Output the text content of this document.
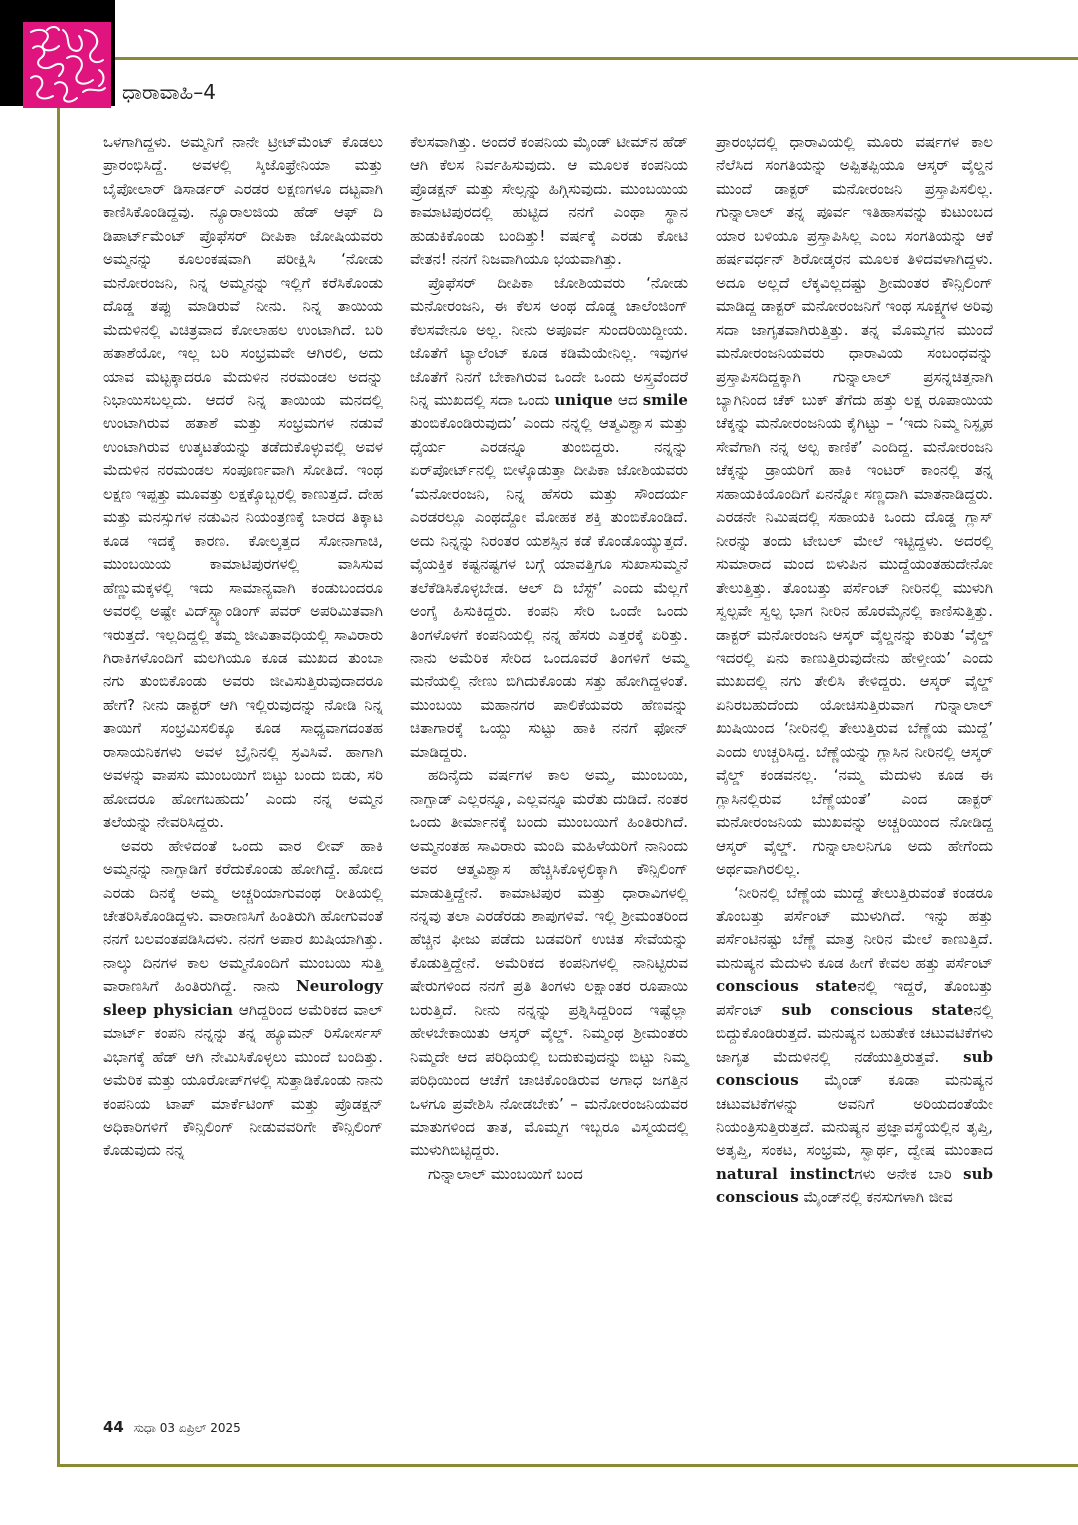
ಧಾರಾವಾಹಿ–4

ಒಳಗಾಗಿದ್ದಳು. ಅಮ್ಮನಿಗೆ ನಾನೇ ಟ್ರೀಟ್‌ಮೆಂಟ್ ಕೊಡಲು ಪ್ರಾರಂಭಿಸಿದ್ದೆ. ಅವಳಲ್ಲಿ ಸ್ಕಿಜೊಫ್ರೇನಿಯಾ ಮತ್ತು ಬೈಪೋಲಾರ್ ಡಿಸಾರ್ಡರ್ ಎರಡರ ಲಕ್ಷಣಗಳೂ ದಟ್ಟವಾಗಿ ಕಾಣಿಸಿಕೊಂಡಿದ್ದವು. ನ್ಯೂರಾಲಜಿಯ ಹೆಡ್ ಆಫ್ ದಿ ಡಿಪಾರ್ಟ್‌ಮೆಂಟ್ ಪ್ರೊಫೆಸರ್ ದೀಪಿಕಾ ಜೋಷಿಯವರು ಅಮ್ಮನನ್ನು ಕೂಲಂಕಷವಾಗಿ ಪರೀಕ್ಷಿಸಿ ‘ನೋಡು ಮನೋರಂಜನಿ, ನಿನ್ನ ಅಮ್ಮನನ್ನು ಇಲ್ಲಿಗೆ ಕರೆಸಿಕೊಂಡು ದೊಡ್ಡ ತಪ್ಪು ಮಾಡಿರುವೆ ನೀನು. ನಿನ್ನ ತಾಯಿಯ ಮೆದುಳಿನಲ್ಲಿ ವಿಚಿತ್ರವಾದ ಕೋಲಾಹಲ ಉಂಟಾಗಿದೆ. ಬರಿ ಹತಾಶೆಯೋ, ಇಲ್ಲ ಬರಿ ಸಂಭ್ರಮವೇ ಆಗಿರಲಿ, ಅದು ಯಾವ ಮಟ್ಟಕ್ಕಾದರೂ ಮೆದುಳಿನ ನರಮಂಡಲ ಅದನ್ನು ನಿಭಾಯಿಸಬಲ್ಲದು. ಆದರೆ ನಿನ್ನ ತಾಯಿಯ ಮನದಲ್ಲಿ ಉಂಟಾಗಿರುವ ಹತಾಶೆ ಮತ್ತು ಸಂಭ್ರಮಗಳ ನಡುವೆ ಉಂಟಾಗಿರುವ ಉತ್ಕಟತೆಯನ್ನು ತಡೆದುಕೊಳ್ಳುವಲ್ಲಿ ಅವಳ ಮೆದುಳಿನ ನರಮಂಡಲ ಸಂಪೂರ್ಣವಾಗಿ ಸೋತಿದೆ. ಇಂಥ ಲಕ್ಷಣ ಇಪ್ಪತ್ತು ಮೂವತ್ತು ಲಕ್ಷಕ್ಕೊಬ್ಬರಲ್ಲಿ ಕಾಣುತ್ತದೆ. ದೇಹ ಮತ್ತು ಮನಸ್ಸುಗಳ ನಡುವಿನ ನಿಯಂತ್ರಣಕ್ಕೆ ಬಾರದ ತಿಕ್ಕಾಟ ಕೂಡ ಇದಕ್ಕೆ ಕಾರಣ. ಕೋಲ್ಕತ್ತದ ಸೋನಾಗಾಚಿ, ಮುಂಬಯಿಯ ಕಾಮಾಟಿಪುರಗಳಲ್ಲಿ ವಾಸಿಸುವ ಹೆಣ್ಣುಮಕ್ಕಳಲ್ಲಿ ಇದು ಸಾಮಾನ್ಯವಾಗಿ ಕಂಡುಬಂದರೂ ಅವರಲ್ಲಿ ಅಷ್ಟೇ ವಿದ್‌ಸ್ಟ್ಯಾಂಡಿಂಗ್ ಪವರ್ ಅಪರಿಮಿತವಾಗಿ ಇರುತ್ತದೆ. ಇಲ್ಲದಿದ್ದಲ್ಲಿ ತಮ್ಮ ಜೀವಿತಾವಧಿಯಲ್ಲಿ ಸಾವಿರಾರು ಗಿರಾಕಿಗಳೊಂದಿಗೆ ಮಲಗಿಯೂ ಕೂಡ ಮುಖದ ತುಂಬಾ ನಗು ತುಂಬಿಕೊಂಡು ಅವರು ಜೀವಿಸುತ್ತಿರುವುದಾದರೂ ಹೇಗೆ? ನೀನು ಡಾಕ್ಟರ್ ಆಗಿ ಇಲ್ಲಿರುವುದನ್ನು ನೋಡಿ ನಿನ್ನ ತಾಯಿಗೆ ಸಂಭ್ರಮಿಸಲಿಕ್ಕೂ ಕೂಡ ಸಾಧ್ಯವಾಗದಂತಹ ರಾಸಾಯನಿಕಗಳು ಅವಳ ಬ್ರೈನಿನಲ್ಲಿ ಸ್ರವಿಸಿವೆ. ಹಾಗಾಗಿ ಅವಳನ್ನು ವಾಪಸು ಮುಂಬಯಿಗೆ ಬಿಟ್ಟು ಬಂದು ಬಿಡು, ಸರಿ ಹೋದರೂ ಹೋಗಬಹುದು’ ಎಂದು ನನ್ನ ಅಮ್ಮನ ತಲೆಯನ್ನು ನೇವರಿಸಿದ್ದರು.

ಅವರು ಹೇಳಿದಂತೆ ಒಂದು ವಾರ ಲೀವ್ ಹಾಕಿ ಅಮ್ಮನನ್ನು ನಾಗ್ಪಾಡಿಗೆ ಕರೆದುಕೊಂಡು ಹೋಗಿದ್ದೆ. ಹೋದ ಎರಡು ದಿನಕ್ಕೆ ಅಮ್ಮ ಅಚ್ಚರಿಯಾಗುವಂಥ ರೀತಿಯಲ್ಲಿ ಚೇತರಿಸಿಕೊಂಡಿದ್ದಳು. ವಾರಾಣಸಿಗೆ ಹಿಂತಿರುಗಿ ಹೋಗುವಂತೆ ನನಗೆ ಬಲವಂತಪಡಿಸಿದಳು. ನನಗೆ ಅಪಾರ ಖುಷಿಯಾಗಿತ್ತು. ನಾಲ್ಕು ದಿನಗಳ ಕಾಲ ಅಮ್ಮನೊಂದಿಗೆ ಮುಂಬಯಿ ಸುತ್ತಿ ವಾರಾಣಸಿಗೆ ಹಿಂತಿರುಗಿದ್ದೆ. ನಾನು Neurology sleep physician ಆಗಿದ್ದರಿಂದ ಅಮೆರಿಕದ ವಾಲ್ ಮಾರ್ಟ್ ಕಂಪನಿ ನನ್ನನ್ನು ತನ್ನ ಹ್ಯೂಮನ್ ರಿಸೋರ್ಸಸ್ ವಿಭಾಗಕ್ಕೆ ಹೆಡ್ ಆಗಿ ನೇಮಿಸಿಕೊಳ್ಳಲು ಮುಂದೆ ಬಂದಿತ್ತು. ಅಮೆರಿಕ ಮತ್ತು ಯೂರೋಪ್‌ಗಳಲ್ಲಿ ಸುತ್ತಾಡಿಕೊಂಡು ನಾನು ಕಂಪನಿಯ ಟಾಪ್ ಮಾರ್ಕೆಟಿಂಗ್ ಮತ್ತು ಪ್ರೊಡಕ್ಷನ್ ಅಧಿಕಾರಿಗಳಿಗೆ ಕೌನ್ಸಿಲಿಂಗ್ ನೀಡುವವರಿಗೇ ಕೌನ್ಸಿಲಿಂಗ್ ಕೊಡುವುದು ನನ್ನ

ಕೆಲಸವಾಗಿತ್ತು. ಅಂದರೆ ಕಂಪನಿಯ ಮೈಂಡ್ ಟೀಮ್‌ನ ಹೆಡ್ ಆಗಿ ಕೆಲಸ ನಿರ್ವಹಿಸುವುದು. ಆ ಮೂಲಕ ಕಂಪನಿಯ ಪ್ರೊಡಕ್ಷನ್ ಮತ್ತು ಸೇಲ್ಸನ್ನು ಹಿಗ್ಗಿಸುವುದು. ಮುಂಬಯಿಯ ಕಾಮಾಟಿಪುರದಲ್ಲಿ ಹುಟ್ಟಿದ ನನಗೆ ಎಂಥಾ ಸ್ಥಾನ ಹುಡುಕಿಕೊಂಡು ಬಂದಿತ್ತು! ವರ್ಷಕ್ಕೆ ಎರಡು ಕೋಟಿ ವೇತನ! ನನಗೆ ನಿಜವಾಗಿಯೂ ಭಯವಾಗಿತ್ತು.

ಪ್ರೊಫೆಸರ್ ದೀಪಿಕಾ ಜೋಶಿಯವರು ‘ನೋಡು ಮನೋರಂಜನಿ, ಈ ಕೆಲಸ ಅಂಥ ದೊಡ್ಡ ಚಾಲೆಂಜಿಂಗ್ ಕೆಲಸವೇನೂ ಅಲ್ಲ. ನೀನು ಅಪೂರ್ವ ಸುಂದರಿಯಿದ್ದೀಯ. ಜೊತೆಗೆ ಟ್ಯಾಲೆಂಟ್ ಕೂಡ ಕಡಿಮೆಯೇನಿಲ್ಲ. ಇವುಗಳ ಜೊತೆಗೆ ನಿನಗೆ ಬೇಕಾಗಿರುವ ಒಂದೇ ಒಂದು ಅಸ್ತ್ರವೆಂದರೆ ನಿನ್ನ ಮುಖದಲ್ಲಿ ಸದಾ ಒಂದು unique ಆದ smile ತುಂಬಿಕೊಂಡಿರುವುದು’ ಎಂದು ನನ್ನಲ್ಲಿ ಆತ್ಮವಿಶ್ವಾಸ ಮತ್ತು ಧೈರ್ಯ ಎರಡನ್ನೂ ತುಂಬಿದ್ದರು. ನನ್ನನ್ನು ಏರ್‌ಪೋರ್ಟ್‌ನಲ್ಲಿ ಬೀಳ್ಕೊಡುತ್ತಾ ದೀಪಿಕಾ ಜೋಶಿಯವರು ‘ಮನೋರಂಜನಿ, ನಿನ್ನ ಹೆಸರು ಮತ್ತು ಸೌಂದರ್ಯ ಎರಡರಲ್ಲೂ ಎಂಥದ್ದೋ ಮೋಹಕ ಶಕ್ತಿ ತುಂಬಿಕೊಂಡಿದೆ. ಅದು ನಿನ್ನನ್ನು ನಿರಂತರ ಯಶಸ್ಸಿನ ಕಡೆ ಕೊಂಡೊಯ್ಯುತ್ತದೆ. ವೈಯಕ್ತಿಕ ಕಷ್ಟನಷ್ಟಗಳ ಬಗ್ಗೆ ಯಾವತ್ತಿಗೂ ಸುಖಾಸುಮ್ಮನೆ ತಲೆಕೆಡಿಸಿಕೊಳ್ಳಬೇಡ. ಆಲ್ ದಿ ಬೆಸ್ಟ್’ ಎಂದು ಮೆಲ್ಲಗೆ ಅಂಗೈ ಹಿಸುಕಿದ್ದರು. ಕಂಪನಿ ಸೇರಿ ಒಂದೇ ಒಂದು ತಿಂಗಳೊಳಗೆ ಕಂಪನಿಯಲ್ಲಿ ನನ್ನ ಹೆಸರು ಎತ್ತರಕ್ಕೆ ಏರಿತ್ತು. ನಾನು ಅಮೆರಿಕ ಸೇರಿದ ಒಂದೂವರೆ ತಿಂಗಳಿಗೆ ಅಮ್ಮ ಮನೆಯಲ್ಲಿ ನೇಣು ಬಿಗಿದುಕೊಂಡು ಸತ್ತು ಹೋಗಿದ್ದಳಂತೆ. ಮುಂಬಯಿ ಮಹಾನಗರ ಪಾಲಿಕೆಯವರು ಹೆಣವನ್ನು ಚಿತಾಗಾರಕ್ಕೆ ಒಯ್ದು ಸುಟ್ಟು ಹಾಕಿ ನನಗೆ ಫೋನ್ ಮಾಡಿದ್ದರು.

ಹದಿನೈದು ವರ್ಷಗಳ ಕಾಲ ಅಮ್ಮ, ಮುಂಬಯಿ, ನಾಗ್ಪಾಡ್ ಎಲ್ಲರನ್ನೂ, ಎಲ್ಲವನ್ನೂ ಮರೆತು ದುಡಿದೆ. ನಂತರ ಒಂದು ತೀರ್ಮಾನಕ್ಕೆ ಬಂದು ಮುಂಬಯಿಗೆ ಹಿಂತಿರುಗಿದೆ. ಅಮ್ಮನಂತಹ ಸಾವಿರಾರು ಮಂದಿ ಮಹಿಳೆಯರಿಗೆ ನಾನಿಂದು ಅವರ ಆತ್ಮವಿಶ್ವಾಸ ಹೆಚ್ಚಿಸಿಕೊಳ್ಳಲಿಕ್ಕಾಗಿ ಕೌನ್ಸಿಲಿಂಗ್ ಮಾಡುತ್ತಿದ್ದೇನೆ. ಕಾಮಾಟಿಪುರ ಮತ್ತು ಧಾರಾವಿಗಳಲ್ಲಿ ನನ್ನವು ತಲಾ ಎರಡೆರಡು ಶಾಪುಗಳಿವೆ. ಇಲ್ಲಿ ಶ್ರೀಮಂತರಿಂದ ಹೆಚ್ಚಿನ ಫೀಜು ಪಡೆದು ಬಡವರಿಗೆ ಉಚಿತ ಸೇವೆಯನ್ನು ಕೊಡುತ್ತಿದ್ದೇನೆ. ಅಮೆರಿಕದ ಕಂಪನಿಗಳಲ್ಲಿ ನಾನಿಟ್ಟಿರುವ ಷೇರುಗಳಿಂದ ನನಗೆ ಪ್ರತಿ ತಿಂಗಳು ಲಕ್ಷಾಂತರ ರೂಪಾಯಿ ಬರುತ್ತಿದೆ. ನೀನು ನನ್ನನ್ನು ಪ್ರಶ್ನಿಸಿದ್ದರಿಂದ ಇಷ್ಟೆಲ್ಲಾ ಹೇಳಬೇಕಾಯಿತು ಆಸ್ಕರ್ ವೈಲ್ಡ್. ನಿಮ್ಮಂಥ ಶ್ರೀಮಂತರು ನಿಮ್ಮದೇ ಆದ ಪರಿಧಿಯಲ್ಲಿ ಬದುಕುವುದನ್ನು ಬಿಟ್ಟು ನಿಮ್ಮ ಪರಿಧಿಯಿಂದ ಆಚೆಗೆ ಚಾಚಿಕೊಂಡಿರುವ ಅಗಾಧ ಜಗತ್ತಿನ ಒಳಗೂ ಪ್ರವೇಶಿಸಿ ನೋಡಬೇಕು’ – ಮನೋರಂಜನಿಯವರ ಮಾತುಗಳಿಂದ ತಾತ, ಮೊಮ್ಮಗ ಇಬ್ಬರೂ ವಿಸ್ಮಯದಲ್ಲಿ ಮುಳುಗಿಬಿಟ್ಟಿದ್ದರು.

ಗುನ್ನಾಲಾಲ್ ಮುಂಬಯಿಗೆ ಬಂದ

ಪ್ರಾರಂಭದಲ್ಲಿ ಧಾರಾವಿಯಲ್ಲಿ ಮೂರು ವರ್ಷಗಳ ಕಾಲ ನೆಲೆಸಿದ ಸಂಗತಿಯನ್ನು ಅಪ್ಪಿತಪ್ಪಿಯೂ ಆಸ್ಕರ್ ವೈಲ್ಡನ ಮುಂದೆ ಡಾಕ್ಟರ್ ಮನೋರಂಜನಿ ಪ್ರಸ್ತಾಪಿಸಲಿಲ್ಲ. ಗುನ್ನಾಲಾಲ್ ತನ್ನ ಪೂರ್ವ ಇತಿಹಾಸವನ್ನು ಕುಟುಂಬದ ಯಾರ ಬಳಿಯೂ ಪ್ರಸ್ತಾಪಿಸಿಲ್ಲ ಎಂಬ ಸಂಗತಿಯನ್ನು ಆಕೆ ಹರ್ಷವರ್ಧನ್ ಶಿರೋಡ್ಕರನ ಮೂಲಕ ತಿಳಿದವಳಾಗಿದ್ದಳು. ಅದೂ ಅಲ್ಲದೆ ಲೆಕ್ಕವಿಲ್ಲದಷ್ಟು ಶ್ರೀಮಂತರ ಕೌನ್ಸಿಲಿಂಗ್ ಮಾಡಿದ್ದ ಡಾಕ್ಟರ್ ಮನೋರಂಜನಿಗೆ ಇಂಥ ಸೂಕ್ಷ್ಮಗಳ ಅರಿವು ಸದಾ ಜಾಗೃತವಾಗಿರುತ್ತಿತ್ತು. ತನ್ನ ಮೊಮ್ಮಗನ ಮುಂದೆ ಮನೋರಂಜನಿಯವರು ಧಾರಾವಿಯ ಸಂಬಂಧವನ್ನು ಪ್ರಸ್ತಾಪಿಸದಿದ್ದಕ್ಕಾಗಿ ಗುನ್ನಾಲಾಲ್ ಪ್ರಸನ್ನಚಿತ್ತನಾಗಿ ಬ್ಯಾಗಿನಿಂದ ಚೆಕ್ ಬುಕ್ ತೆಗೆದು ಹತ್ತು ಲಕ್ಷ ರೂಪಾಯಿಯ ಚೆಕ್ಕನ್ನು ಮನೋರಂಜನಿಯ ಕೈಗಿಟ್ಟು – ‘ಇದು ನಿಮ್ಮ ನಿಸ್ಪೃಹ ಸೇವೆಗಾಗಿ ನನ್ನ ಅಲ್ಪ ಕಾಣಿಕೆ’ ಎಂದಿದ್ದ. ಮನೋರಂಜನಿ ಚೆಕ್ಕನ್ನು ಡ್ರಾಯರಿಗೆ ಹಾಕಿ ಇಂಟರ್ ಕಾಂನಲ್ಲಿ ತನ್ನ ಸಹಾಯಕಿಯೊಂದಿಗೆ ಏನನ್ನೋ ಸಣ್ಣದಾಗಿ ಮಾತನಾಡಿದ್ದರು. ಎರಡನೇ ನಿಮಿಷದಲ್ಲಿ ಸಹಾಯಕಿ ಒಂದು ದೊಡ್ಡ ಗ್ಲಾಸ್ ನೀರನ್ನು ತಂದು ಟೇಬಲ್ ಮೇಲೆ ಇಟ್ಟಿದ್ದಳು. ಅದರಲ್ಲಿ ಸುಮಾರಾದ ಮಂದ ಬಿಳುಪಿನ ಮುದ್ದೆಯಂತಹುದೇನೋ ತೇಲುತ್ತಿತ್ತು. ತೊಂಬತ್ತು ಪರ್ಸೆಂಟ್ ನೀರಿನಲ್ಲಿ ಮುಳುಗಿ ಸ್ವಲ್ಪವೇ ಸ್ವಲ್ಪ ಭಾಗ ನೀರಿನ ಹೊರಮೈನಲ್ಲಿ ಕಾಣಿಸುತ್ತಿತ್ತು. ಡಾಕ್ಟರ್ ಮನೋರಂಜನಿ ಆಸ್ಕರ್ ವೈಲ್ಡನನ್ನು ಕುರಿತು ‘ವೈಲ್ಡ್ ಇದರಲ್ಲಿ ಏನು ಕಾಣುತ್ತಿರುವುದೇನು ಹೇಳ್ತೀಯ’ ಎಂದು ಮುಖದಲ್ಲಿ ನಗು ತೇಲಿಸಿ ಕೇಳಿದ್ದರು. ಆಸ್ಕರ್ ವೈಲ್ಡ್ ಏನಿರಬಹುದೆಂದು ಯೋಚಿಸುತ್ತಿರುವಾಗ ಗುನ್ನಾಲಾಲ್ ಖುಷಿಯಿಂದ ‘ನೀರಿನಲ್ಲಿ ತೇಲುತ್ತಿರುವ ಬೆಣ್ಣೆಯ ಮುದ್ದೆ’ ಎಂದು ಉಚ್ಚರಿಸಿದ್ದ. ಬೆಣ್ಣೆಯನ್ನು ಗ್ಲಾಸಿನ ನೀರಿನಲ್ಲಿ ಆಸ್ಕರ್ ವೈಲ್ಡ್ ಕಂಡವನಲ್ಲ. ‘ನಮ್ಮ ಮೆದುಳು ಕೂಡ ಈ ಗ್ಲಾಸಿನಲ್ಲಿರುವ ಬೆಣ್ಣೆಯಂತೆ’ ಎಂದ ಡಾಕ್ಟರ್ ಮನೋರಂಜನಿಯ ಮುಖವನ್ನು ಅಚ್ಚರಿಯಿಂದ ನೋಡಿದ್ದ ಆಸ್ಕರ್ ವೈಲ್ಡ್. ಗುನ್ನಾಲಾಲನಿಗೂ ಅದು ಹೇಗೆಂದು ಅರ್ಥವಾಗಿರಲಿಲ್ಲ.

‘ನೀರಿನಲ್ಲಿ ಬೆಣ್ಣೆಯ ಮುದ್ದೆ ತೇಲುತ್ತಿರುವಂತೆ ಕಂಡರೂ ತೊಂಬತ್ತು ಪರ್ಸೆಂಟ್ ಮುಳುಗಿದೆ. ಇನ್ನು ಹತ್ತು ಪರ್ಸೆಂಟಿನಷ್ಟು ಬೆಣ್ಣೆ ಮಾತ್ರ ನೀರಿನ ಮೇಲೆ ಕಾಣುತ್ತಿದೆ. ಮನುಷ್ಯನ ಮೆದುಳು ಕೂಡ ಹೀಗೆ ಕೇವಲ ಹತ್ತು ಪರ್ಸೆಂಟ್ conscious stateನಲ್ಲಿ ಇದ್ದರೆ, ತೊಂಬತ್ತು ಪರ್ಸೆಂಟ್ sub conscious stateನಲ್ಲಿ ಬಿದ್ದುಕೊಂಡಿರುತ್ತದೆ. ಮನುಷ್ಯನ ಬಹುತೇಕ ಚಟುವಟಿಕೆಗಳು ಜಾಗೃತ ಮೆದುಳಿನಲ್ಲಿ ನಡೆಯುತ್ತಿರುತ್ತವೆ. sub conscious ಮೈಂಡ್ ಕೂಡಾ ಮನುಷ್ಯನ ಚಟುವಟಿಕೆಗಳನ್ನು ಅವನಿಗೆ ಅರಿಯದಂತೆಯೇ ನಿಯಂತ್ರಿಸುತ್ತಿರುತ್ತದೆ. ಮನುಷ್ಯನ ಪ್ರಜ್ಞಾವಸ್ಥೆಯಲ್ಲಿನ ತೃಪ್ತಿ, ಅತೃಪ್ತಿ, ಸಂಕಟ, ಸಂಭ್ರಮ, ಸ್ವಾರ್ಥ, ದ್ವೇಷ ಮುಂತಾದ natural instinctಗಳು ಅನೇಕ ಬಾರಿ sub conscious ಮೈಂಡ್‌ನಲ್ಲಿ ಕನಸುಗಳಾಗಿ ಜೀವ

44 ಸುಧಾ 03 ಏಪ್ರಿಲ್ 2025
